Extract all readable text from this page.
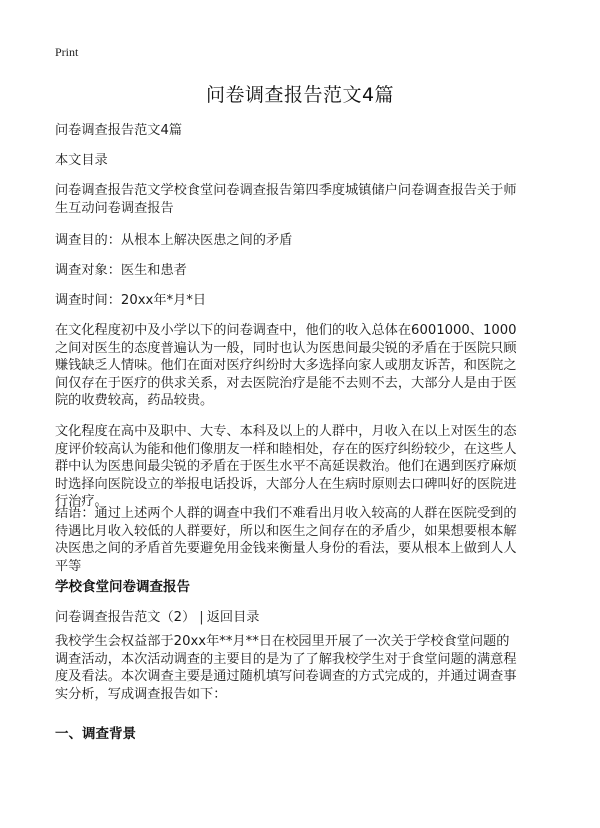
Print
问卷调查报告范文4篇

问卷调查报告范文4篇

本文目录

问卷调查报告范文学校食堂问卷调查报告第四季度城镇储户问卷调查报告关于师生互动问卷调查报告

调查目的：从根本上解决医患之间的矛盾

调查对象：医生和患者

调查时间：20xx年*月*日

在文化程度初中及小学以下的问卷调查中，他们的收入总体在6001000、1000之间对医生的态度普遍认为一般，同时也认为医患间最尖锐的矛盾在于医院只顾赚钱缺乏人情味。他们在面对医疗纠纷时大多选择向家人或朋友诉苦，和医院之间仅存在于医疗的供求关系，对去医院治疗是能不去则不去，大部分人是由于医院的收费较高，药品较贵。

文化程度在高中及职中、大专、本科及以上的人群中，月收入在以上对医生的态度评价较高认为能和他们像朋友一样和睦相处，存在的医疗纠纷较少，在这些人群中认为医患间最尖锐的矛盾在于医生水平不高延误救治。他们在遇到医疗麻烦时选择向医院设立的举报电话投诉，大部分人在生病时原则去口碑叫好的医院进行治疗。

结语：通过上述两个人群的调查中我们不难看出月收入较高的人群在医院受到的待遇比月收入较低的人群要好，所以和医生之间存在的矛盾少，如果想要根本解决医患之间的矛盾首先要避免用金钱来衡量人身份的看法，要从根本上做到人人平等

学校食堂问卷调查报告
问卷调查报告范文（2） | 返回目录

我校学生会权益部于20xx年**月**日在校园里开展了一次关于学校食堂问题的调查活动，本次活动调查的主要目的是为了了解我校学生对于食堂问题的满意程度及看法。本次调查主要是通过随机填写问卷调查的方式完成的，并通过调查事实分析，写成调查报告如下：

一、调查背景
